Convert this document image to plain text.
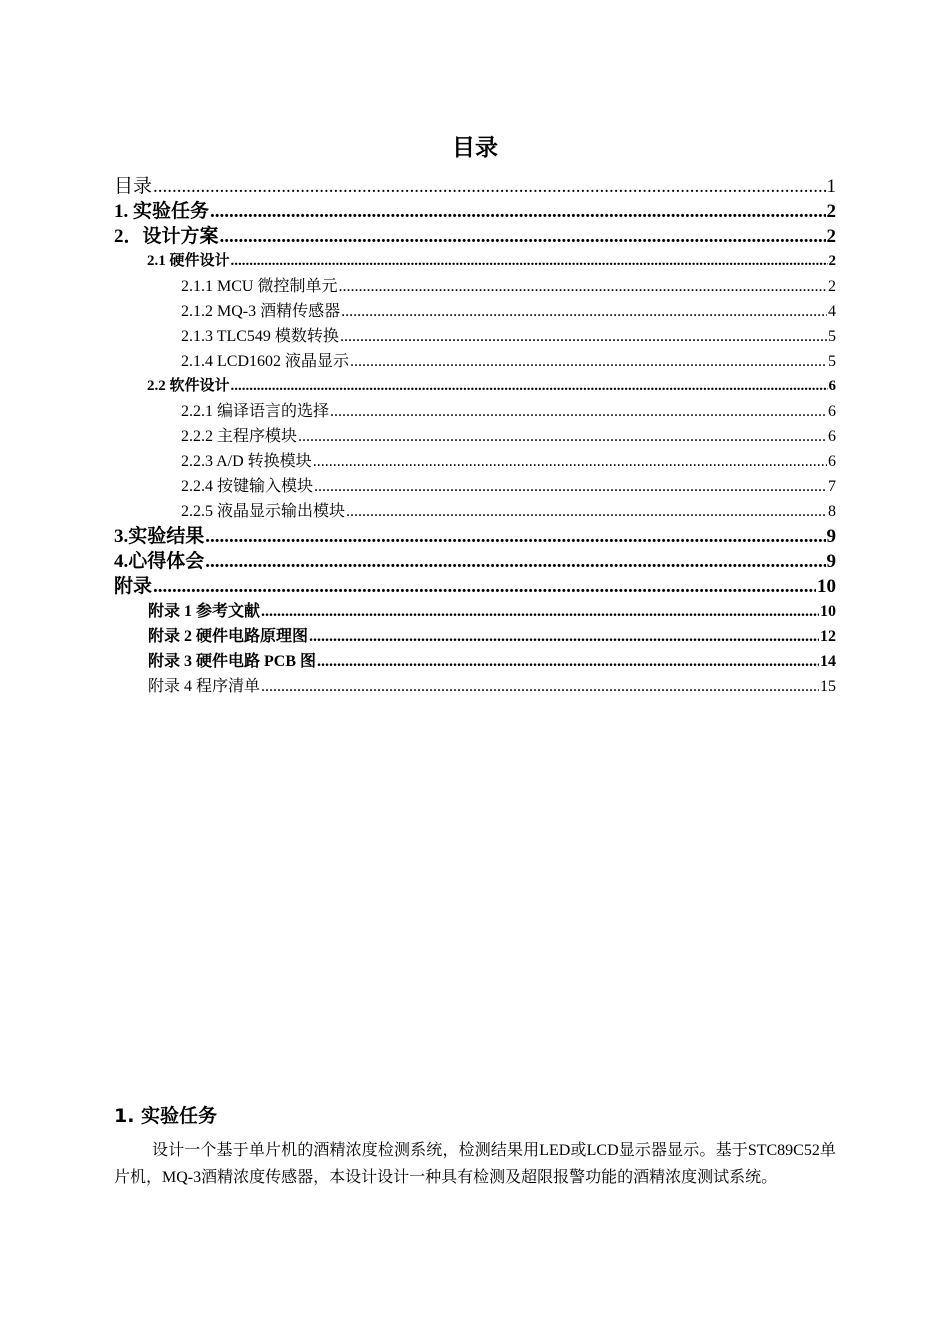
目录
目录 .....	1
1. 实验任务 .....	2
2．设计方案 .....	2
2.1 硬件设计 .....	2
2.1.1 MCU 微控制单元 .....	2
2.1.2 MQ-3 酒精传感器 .....	4
2.1.3 TLC549 模数转换 .....	5
2.1.4 LCD1602 液晶显示 .....	5
2.2 软件设计 .....	6
2.2.1 编译语言的选择 .....	6
2.2.2 主程序模块 .....	6
2.2.3 A/D 转换模块 .....	6
2.2.4 按键输入模块 .....	7
2.2.5 液晶显示输出模块 .....	8
3.实验结果 .....	9
4.心得体会 .....	9
附录 .....	10
附录 1 参考文献 .....	10
附录 2 硬件电路原理图 .....	12
附录 3 硬件电路 PCB 图 .....	14
附录 4 程序清单 .....	15
1. 实验任务
设计一个基于单片机的酒精浓度检测系统，检测结果用LED或LCD显示器显示。基于STC89C52单片机，MQ-3酒精浓度传感器，本设计设计一种具有检测及超限报警功能的酒精浓度测试系统。
